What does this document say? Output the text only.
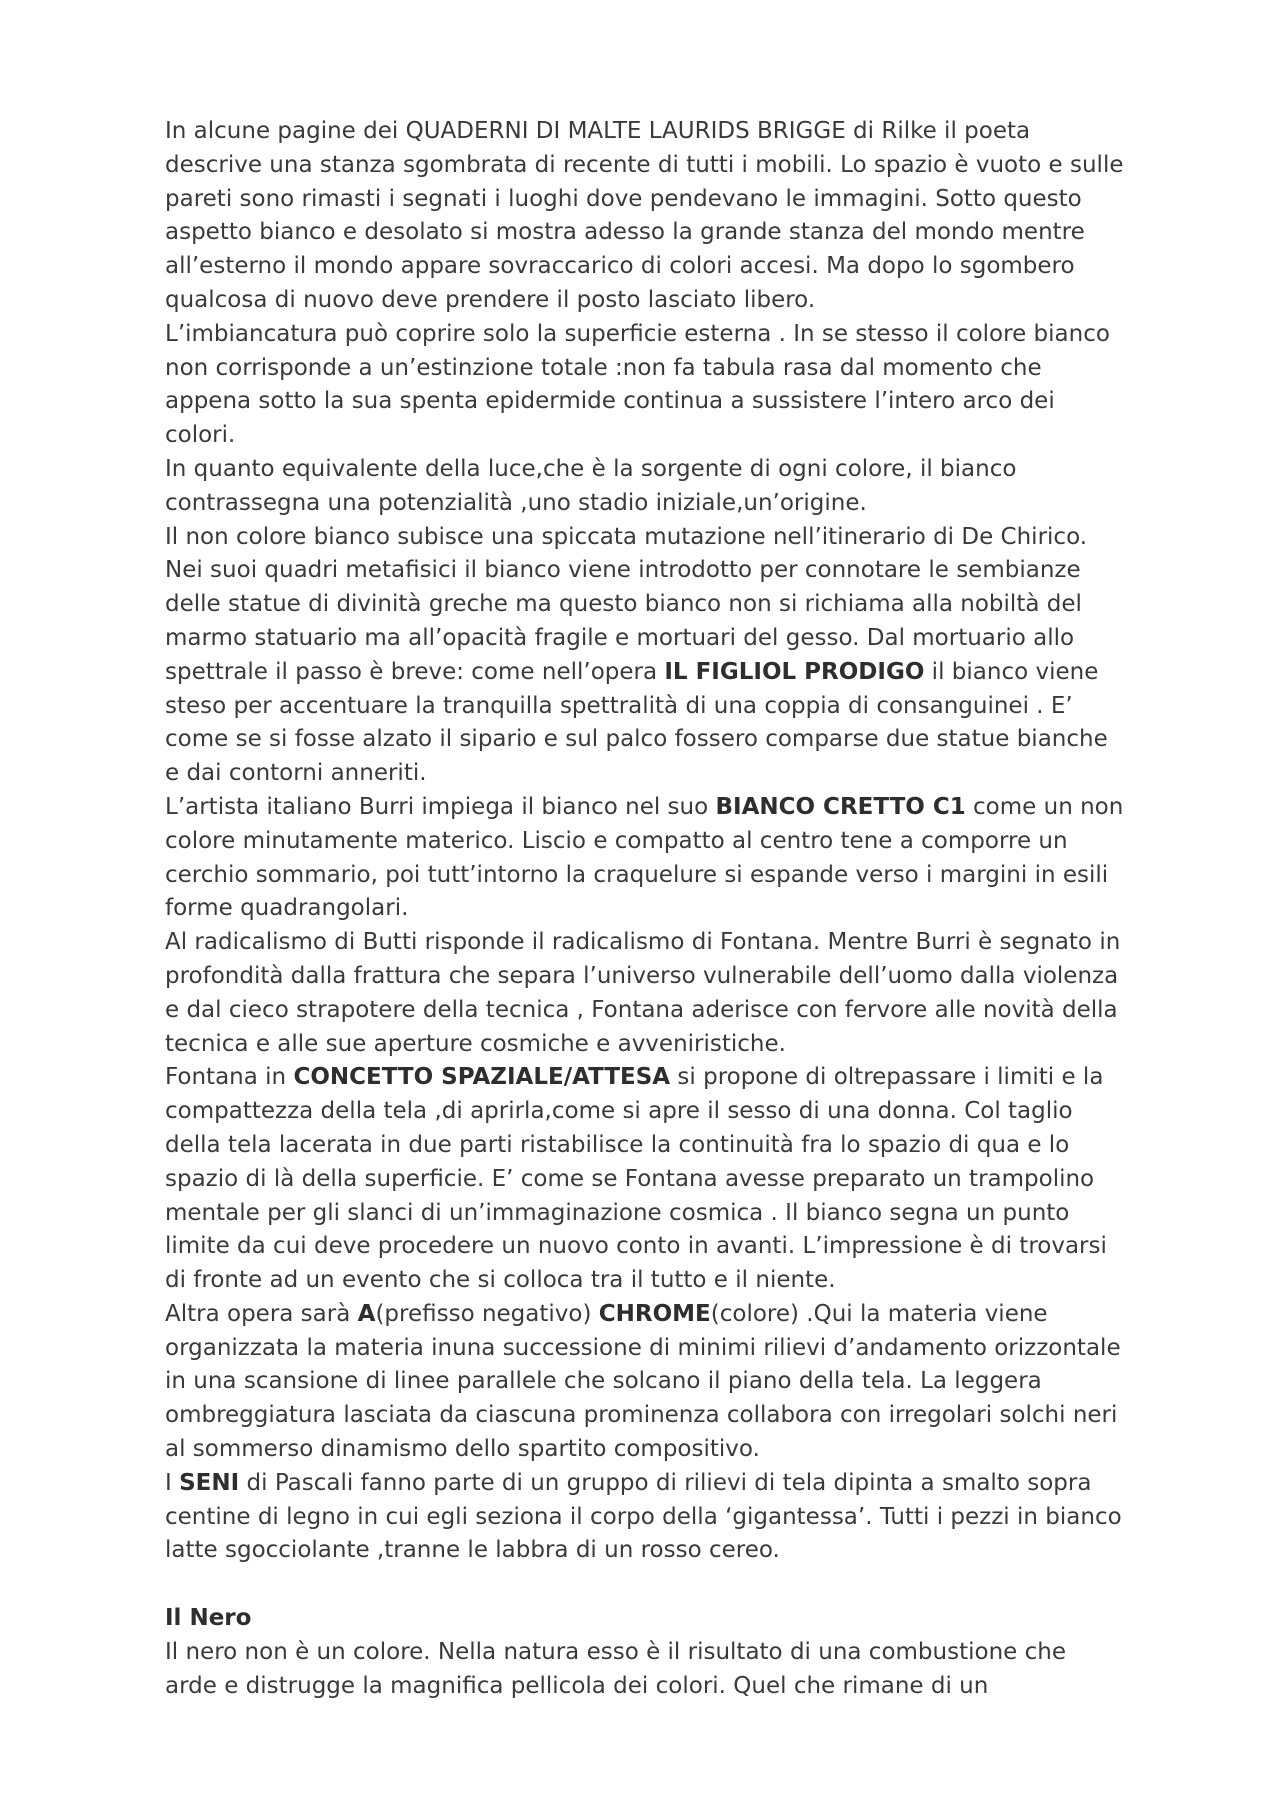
In alcune pagine dei QUADERNI DI MALTE LAURIDS BRIGGE di Rilke il poeta descrive una stanza sgombrata di recente di tutti i mobili. Lo spazio è vuoto e sulle pareti sono rimasti i segnati i luoghi dove pendevano le immagini. Sotto questo aspetto bianco e desolato si mostra adesso la grande stanza del mondo mentre all’esterno il mondo appare sovraccarico di colori accesi. Ma dopo lo sgombero qualcosa di nuovo deve prendere il posto lasciato libero.

L’imbiancatura può coprire solo la superficie esterna . In se stesso il colore bianco non corrisponde a un’estinzione totale :non fa tabula rasa dal momento che appena sotto la sua spenta epidermide continua a sussistere l’intero arco dei colori.

In quanto equivalente della luce,che è la sorgente di ogni colore, il bianco contrassegna una potenzialità ,uno stadio iniziale,un’origine.

Il non colore bianco subisce una spiccata mutazione nell’itinerario di De Chirico. Nei suoi quadri metafisici il bianco viene introdotto per connotare le sembianze delle statue di divinità greche ma questo bianco non si richiama alla nobiltà del marmo statuario ma all’opacità fragile e mortuari del gesso. Dal mortuario allo spettrale il passo è breve: come nell’opera IL FIGLIOL PRODIGO il bianco viene steso per accentuare la tranquilla spettralità di una coppia di consanguinei . E’ come se si fosse alzato il sipario e sul palco fossero comparse due statue bianche e dai contorni anneriti.

L’artista italiano Burri impiega il bianco nel suo BIANCO CRETTO C1 come un non colore minutamente materico. Liscio e compatto al centro tene a comporre un cerchio sommario, poi tutt’intorno la craquelure si espande verso i margini in esili forme quadrangolari.

Al radicalismo di Butti risponde il radicalismo di Fontana. Mentre Burri è segnato in profondità dalla frattura che separa l’universo vulnerabile dell’uomo dalla violenza e dal cieco strapotere della tecnica , Fontana aderisce con fervore alle novità della tecnica e alle sue aperture cosmiche e avveniristiche.

Fontana in CONCETTO SPAZIALE/ATTESA si propone di oltrepassare i limiti e la compattezza della tela ,di aprirla,come si apre il sesso di una donna. Col taglio della tela lacerata in due parti ristabilisce la continuità fra lo spazio di qua e lo spazio di là della superficie. E’ come se Fontana avesse preparato un trampolino mentale per gli slanci di un’immaginazione cosmica . Il bianco segna un punto limite da cui deve procedere un nuovo conto in avanti. L’impressione è di trovarsi di fronte ad un evento che si colloca tra il tutto e il niente.

Altra opera sarà A(prefisso negativo) CHROME(colore) .Qui la materia viene organizzata la materia inuna successione di minimi rilievi d’andamento orizzontale in una scansione di linee parallele che solcano il piano della tela. La leggera ombreggiatura lasciata da ciascuna prominenza collabora con irregolari solchi neri al sommerso dinamismo dello spartito compositivo.

I SENI di Pascali fanno parte di un gruppo di rilievi di tela dipinta a smalto sopra centine di legno in cui egli seziona il corpo della ‘gigantessa’. Tutti i pezzi in bianco latte sgocciolante ,tranne le labbra di un rosso cereo.

Il Nero

Il nero non è un colore. Nella natura esso è il risultato di una combustione che arde e distrugge la magnifica pellicola dei colori. Quel che rimane di un
